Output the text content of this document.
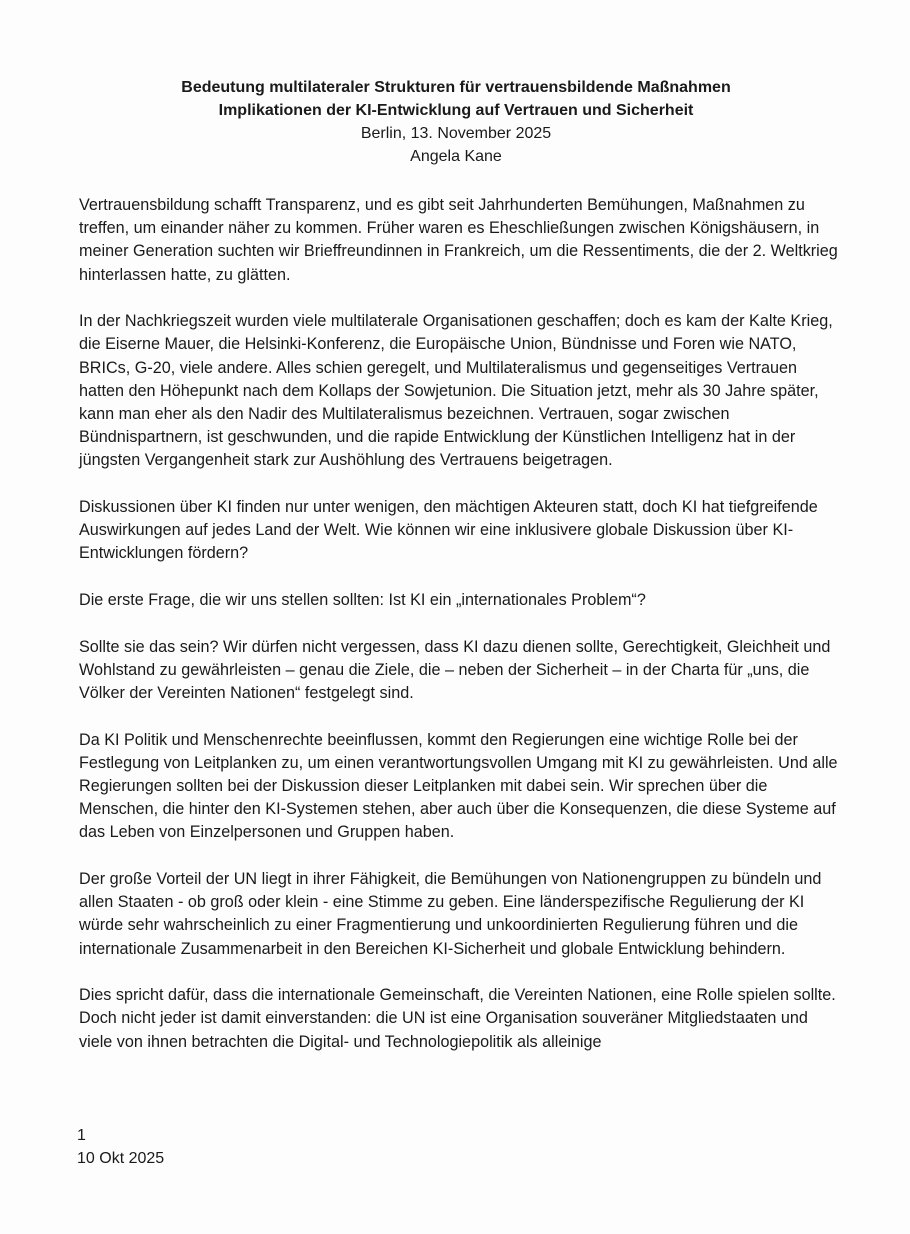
Bedeutung multilateraler Strukturen für vertrauensbildende Maßnahmen
Implikationen der KI-Entwicklung auf Vertrauen und Sicherheit
Berlin, 13. November 2025
Angela Kane

Vertrauensbildung schafft Transparenz, und es gibt seit Jahrhunderten Bemühungen, Maßnahmen zu treffen, um einander näher zu kommen. Früher waren es Eheschließungen zwischen Königshäusern, in meiner Generation suchten wir Brieffreundinnen in Frankreich, um die Ressentiments, die der 2. Weltkrieg hinterlassen hatte, zu glätten.

In der Nachkriegszeit wurden viele multilaterale Organisationen geschaffen; doch es kam der Kalte Krieg, die Eiserne Mauer, die Helsinki-Konferenz, die Europäische Union, Bündnisse und Foren wie NATO, BRICs, G-20, viele andere. Alles schien geregelt, und Multilateralismus und gegenseitiges Vertrauen hatten den Höhepunkt nach dem Kollaps der Sowjetunion. Die Situation jetzt, mehr als 30 Jahre später, kann man eher als den Nadir des Multilateralismus bezeichnen. Vertrauen, sogar zwischen Bündnispartnern, ist geschwunden, und die rapide Entwicklung der Künstlichen Intelligenz hat in der jüngsten Vergangenheit stark zur Aushöhlung des Vertrauens beigetragen.

Diskussionen über KI finden nur unter wenigen, den mächtigen Akteuren statt, doch KI hat tiefgreifende Auswirkungen auf jedes Land der Welt. Wie können wir eine inklusivere globale Diskussion über KI-Entwicklungen fördern?

Die erste Frage, die wir uns stellen sollten: Ist KI ein „internationales Problem“?

Sollte sie das sein? Wir dürfen nicht vergessen, dass KI dazu dienen sollte, Gerechtigkeit, Gleichheit und Wohlstand zu gewährleisten – genau die Ziele, die – neben der Sicherheit – in der Charta für „uns, die Völker der Vereinten Nationen“ festgelegt sind.

Da KI Politik und Menschenrechte beeinflussen, kommt den Regierungen eine wichtige Rolle bei der Festlegung von Leitplanken zu, um einen verantwortungsvollen Umgang mit KI zu gewährleisten. Und alle Regierungen sollten bei der Diskussion dieser Leitplanken mit dabei sein. Wir sprechen über die Menschen, die hinter den KI-Systemen stehen, aber auch über die Konsequenzen, die diese Systeme auf das Leben von Einzelpersonen und Gruppen haben.

Der große Vorteil der UN liegt in ihrer Fähigkeit, die Bemühungen von Nationengruppen zu bündeln und allen Staaten - ob groß oder klein - eine Stimme zu geben. Eine länderspezifische Regulierung der KI würde sehr wahrscheinlich zu einer Fragmentierung und unkoordinierten Regulierung führen und die internationale Zusammenarbeit in den Bereichen KI-Sicherheit und globale Entwicklung behindern.

Dies spricht dafür, dass die internationale Gemeinschaft, die Vereinten Nationen, eine Rolle spielen sollte. Doch nicht jeder ist damit einverstanden: die UN ist eine Organisation souveräner Mitgliedstaaten und viele von ihnen betrachten die Digital- und Technologiepolitik als alleinige

1
10 Okt 2025
